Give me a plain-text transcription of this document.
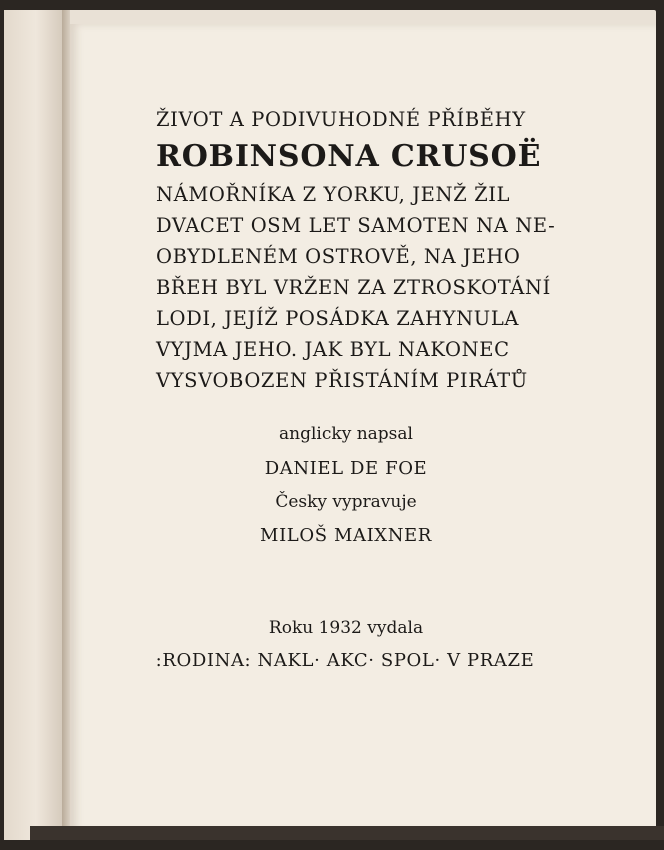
ŽIVOT A PODIVUHODNÉ PŘÍBĚHY
ROBINSONA CRUSOË
NÁMOŘNÍKA Z YORKU, JENŽ ŽIL
DVACET OSM LET SAMOTEN NA NE-
OBYDLENÉM OSTROVĚ, NA JEHO
BŘEH BYL VRŽEN ZA ZTROSKOTÁNÍ
LODI, JEJÍŽ POSÁDKA ZAHYNULA
VYJMA JEHO. JAK BYL NAKONEC
VYSVOBOZEN PŘISTÁNÍM PIRÁTŮ
anglicky napsal
DANIEL DE FOE
Česky vypravuje
MILOŠ MAIXNER
Roku 1932 vydala
:RODINA: NAKL· AKC· SPOL· V PRAZE
